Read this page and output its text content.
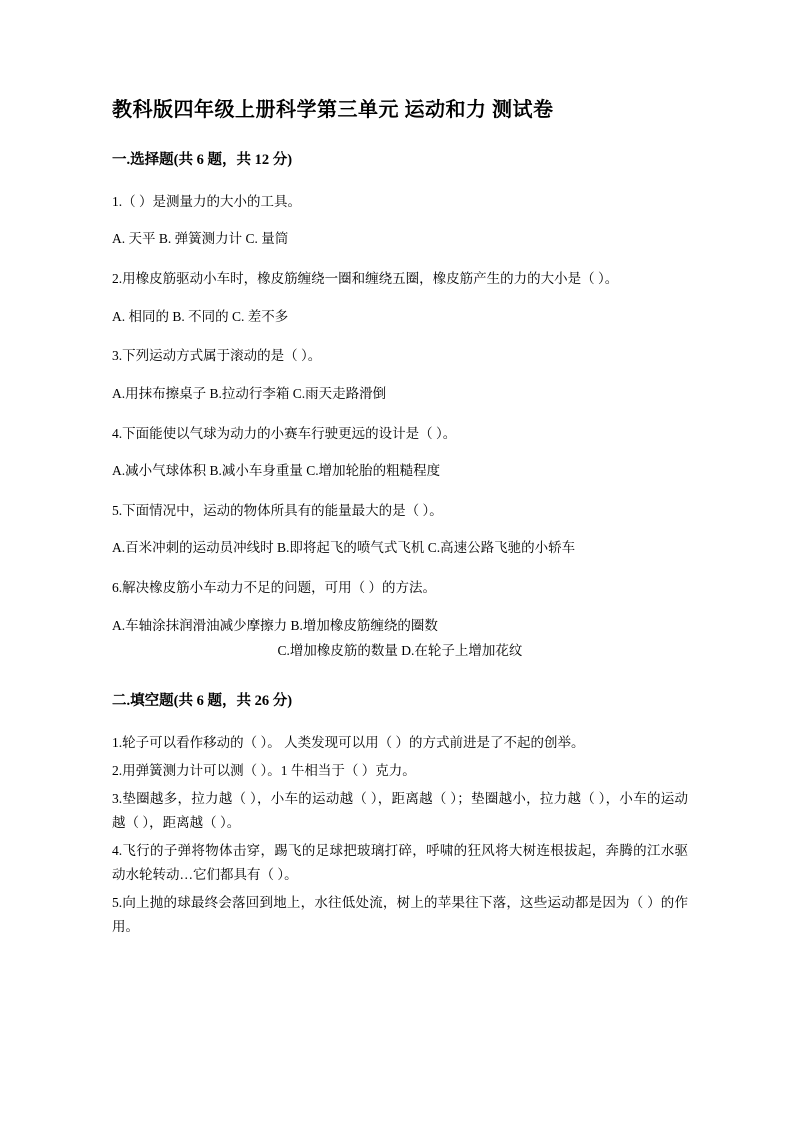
教科版四年级上册科学第三单元 运动和力 测试卷
一.选择题(共 6 题，共 12 分)

1.（ ）是测量力的大小的工具。

A. 天平 B. 弹簧测力计 C. 量筒

2.用橡皮筋驱动小车时，橡皮筋缠绕一圈和缠绕五圈，橡皮筋产生的力的大小是（ ）。

A. 相同的 B. 不同的 C. 差不多

3.下列运动方式属于滚动的是（ ）。

A.用抹布擦桌子 B.拉动行李箱 C.雨天走路滑倒

4.下面能使以气球为动力的小赛车行驶更远的设计是（ ）。

A.减小气球体积 B.减小车身重量 C.增加轮胎的粗糙程度

5.下面情况中，运动的物体所具有的能量最大的是（ ）。

A.百米冲刺的运动员冲线时 B.即将起飞的喷气式飞机 C.高速公路飞驰的小轿车

6.解决橡皮筋小车动力不足的问题，可用（ ）的方法。

A.车轴涂抹润滑油减少摩擦力 B.增加橡皮筋缠绕的圈数

C.增加橡皮筋的数量 D.在轮子上增加花纹

二.填空题(共 6 题，共 26 分)

1.轮子可以看作移动的（ ）。 人类发现可以用（ ）的方式前进是了不起的创举。

2.用弹簧测力计可以测（ ）。1 牛相当于（ ）克力。

3.垫圈越多，拉力越（ ），小车的运动越（ ），距离越（ ）；垫圈越小，拉力越（ ），小车的运动越（ ），距离越（ ）。

4.飞行的子弹将物体击穿，踢飞的足球把玻璃打碎，呼啸的狂风将大树连根拔起，奔腾的江水驱动水轮转动…它们都具有（ ）。

5.向上抛的球最终会落回到地上，水往低处流，树上的苹果往下落，这些运动都是因为（ ）的作用。
